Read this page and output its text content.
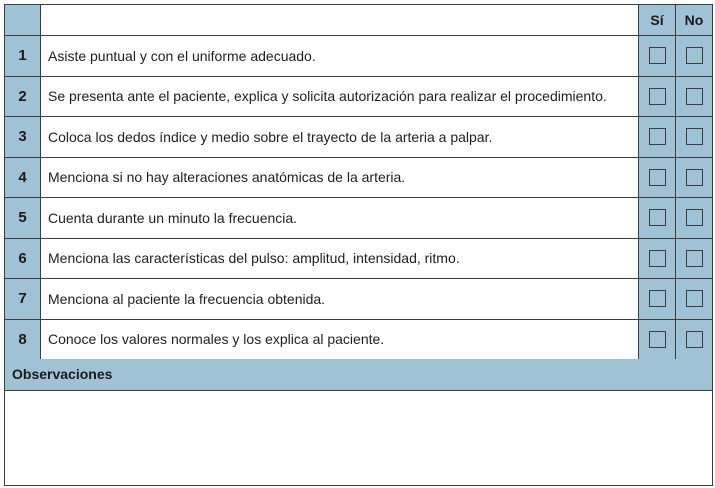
		Sí	No
1	Asiste puntual y con el uniforme adecuado.		
2	Se presenta ante el paciente, explica y solicita autorización para realizar el procedimiento.		
3	Coloca los dedos índice y medio sobre el trayecto de la arteria a palpar.		
4	Menciona si no hay alteraciones anatómicas de la arteria.		
5	Cuenta durante un minuto la frecuencia.		
6	Menciona las características del pulso: amplitud, intensidad, ritmo.		
7	Menciona al paciente la frecuencia obtenida.		
8	Conoce los valores normales y los explica al paciente.		
Observaciones
